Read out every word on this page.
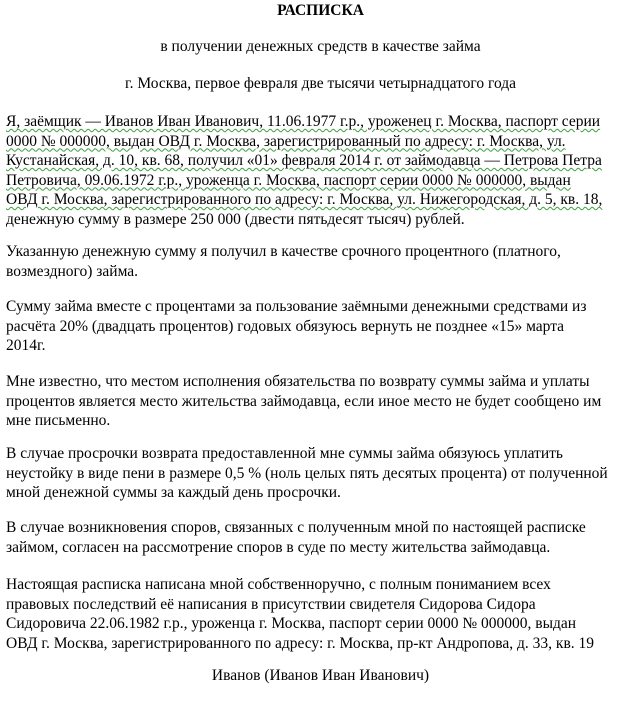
РАСПИСКА
в получении денежных средств в качестве займа
г. Москва, первое февраля две тысячи четырнадцатого года
Я, заёмщик — Иванов Иван Иванович, 11.06.1977 г.р., уроженец г. Москва, паспорт серии
0000 № 000000, выдан ОВД г. Москва, зарегистрированный по адресу: г. Москва, ул.
Кустанайская, д. 10, кв. 68, получил «01» февраля 2014 г. от займодавца — Петрова Петра
Петровича, 09.06.1972 г.р., уроженца г. Москва, паспорт серии 0000 № 000000, выдан
ОВД г. Москва, зарегистрированного по адресу: г. Москва, ул. Нижегородская, д. 5, кв. 18,
денежную сумму в размере 250 000 (двести пятьдесят тысяч) рублей.
Указанную денежную сумму я получил в качестве срочного процентного (платного,
возмездного) займа.
Сумму займа вместе с процентами за пользование заёмными денежными средствами из
расчёта 20% (двадцать процентов) годовых обязуюсь вернуть не позднее «15» марта
2014г.
Мне известно, что местом исполнения обязательства по возврату суммы займа и уплаты
процентов является место жительства займодавца, если иное место не будет сообщено им
мне письменно.
В случае просрочки возврата предоставленной мне суммы займа обязуюсь уплатить
неустойку в виде пени в размере 0,5 % (ноль целых пять десятых процента) от полученной
мной денежной суммы за каждый день просрочки.
В случае возникновения споров, связанных с полученным мной по настоящей расписке
займом, согласен на рассмотрение споров в суде по месту жительства займодавца.
Настоящая расписка написана мной собственноручно, с полным пониманием всех
правовых последствий её написания в присутствии свидетеля Сидорова Сидора
Сидоровича 22.06.1982 г.р., уроженца г. Москва, паспорт серии 0000 № 000000, выдан
ОВД г. Москва, зарегистрированного по адресу: г. Москва, пр-кт Андропова, д. 33, кв. 19
Иванов (Иванов Иван Иванович)
